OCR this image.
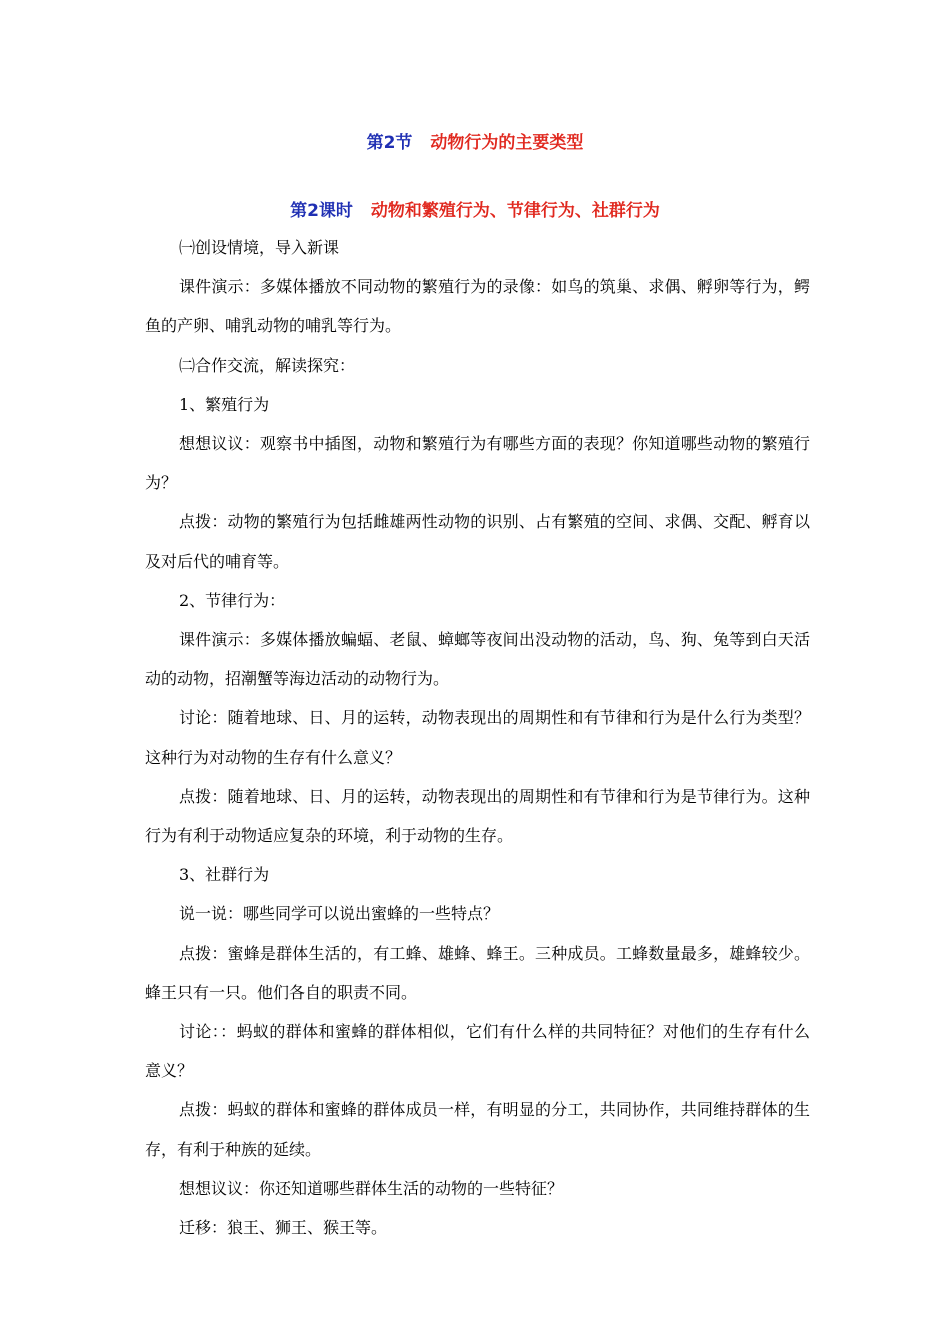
第2节 动物行为的主要类型
第2课时 动物和繁殖行为、节律行为、社群行为

㈠创设情境，导入新课

课件演示：多媒体播放不同动物的繁殖行为的录像：如鸟的筑巢、求偶、孵卵等行为，鳄鱼的产卵、哺乳动物的哺乳等行为。

㈡合作交流，解读探究：

1、繁殖行为

想想议议：观察书中插图，动物和繁殖行为有哪些方面的表现？你知道哪些动物的繁殖行为？

点拨：动物的繁殖行为包括雌雄两性动物的识别、占有繁殖的空间、求偶、交配、孵育以及对后代的哺育等。

2、节律行为：

课件演示：多媒体播放蝙蝠、老鼠、蟑螂等夜间出没动物的活动，鸟、狗、兔等到白天活动的动物，招潮蟹等海边活动的动物行为。

讨论：随着地球、日、月的运转，动物表现出的周期性和有节律和行为是什么行为类型？这种行为对动物的生存有什么意义？

点拨：随着地球、日、月的运转，动物表现出的周期性和有节律和行为是节律行为。这种行为有利于动物适应复杂的环境，利于动物的生存。

3、社群行为

说一说：哪些同学可以说出蜜蜂的一些特点？

点拨：蜜蜂是群体生活的，有工蜂、雄蜂、蜂王。三种成员。工蜂数量最多，雄蜂较少。蜂王只有一只。他们各自的职责不同。

讨论：：蚂蚁的群体和蜜蜂的群体相似，它们有什么样的共同特征？对他们的生存有什么意义？

点拨：蚂蚁的群体和蜜蜂的群体成员一样，有明显的分工，共同协作，共同维持群体的生存，有利于种族的延续。

想想议议：你还知道哪些群体生活的动物的一些特征？

迁移：狼王、狮王、猴王等。
